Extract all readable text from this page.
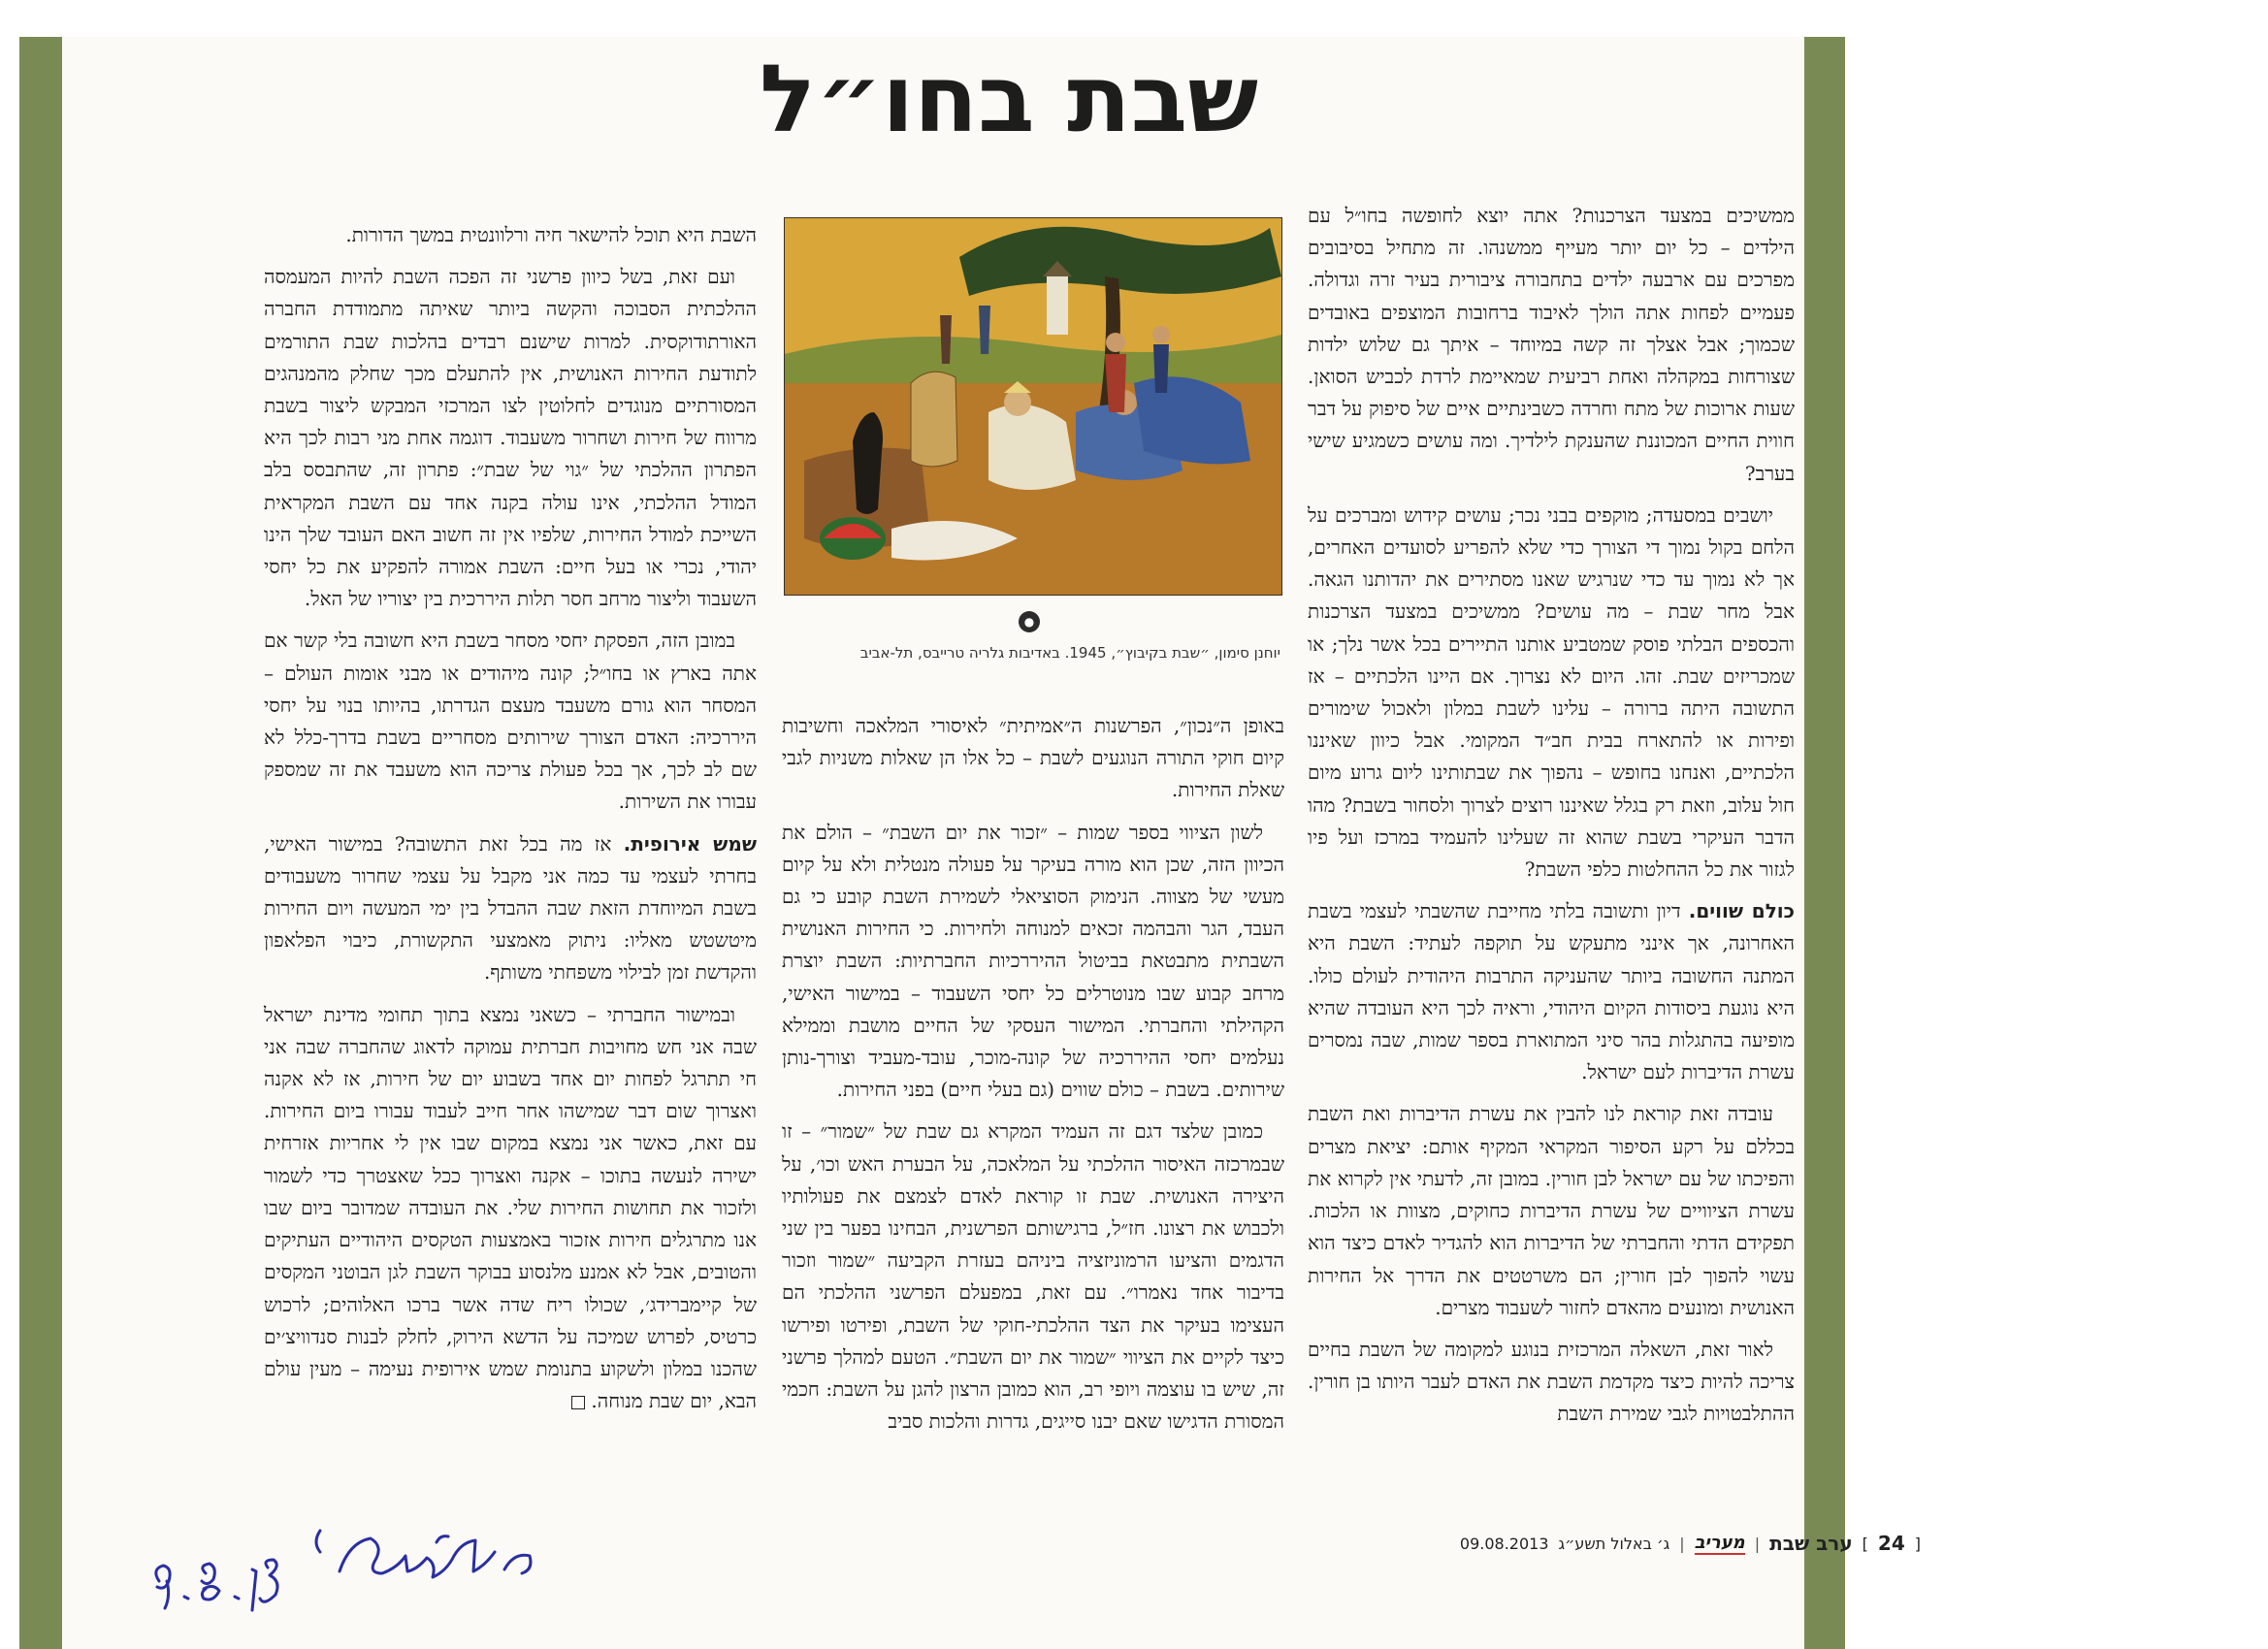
שבת בחו״ל

ממשיכים במצעד הצרכנות? אתה יוצא לחופשה בחו״ל עם הילדים – כל יום יותר מעייף ממשנהו. זה מתחיל בסיבובים מפרכים עם ארבעה ילדים בתחבורה ציבורית בעיר זרה וגדולה. פעמיים לפחות אתה הולך לאיבוד ברחובות המוצפים באובדים שכמוך; אבל אצלך זה קשה במיוחד – איתך גם שלוש ילדות שצורחות במקהלה ואחת רביעית שמאיימת לרדת לכביש הסואן. שעות ארוכות של מתח וחרדה כשבינתיים איים של סיפוק על דבר חווית החיים המכוננת שהענקת לילדיך. ומה עושים כשמגיע שישי בערב?

יושבים במסעדה; מוקפים בבני נכר; עושים קידוש ומברכים על הלחם בקול נמוך די הצורך כדי שלא להפריע לסועדים האחרים, אך לא נמוך עד כדי שנרגיש שאנו מסתירים את יהדותנו הגאה. אבל מחר שבת – מה עושים? ממשיכים במצעד הצרכנות והכספים הבלתי פוסק שמטביע אותנו התיירים בכל אשר נלך; או שמכריזים שבת. זהו. היום לא נצרוך. אם היינו הלכתיים – אז התשובה היתה ברורה – עלינו לשבת במלון ולאכול שימורים ופירות או להתארח בבית חב״ד המקומי. אבל כיוון שאיננו הלכתיים, ואנחנו בחופש – נהפוך את שבתותינו ליום גרוע מיום חול עלוב, וזאת רק בגלל שאיננו רוצים לצרוך ולסחור בשבת? מהו הדבר העיקרי בשבת שהוא זה שעלינו להעמיד במרכז ועל פיו לגזור את כל ההחלטות כלפי השבת?

כולם שווים. דיון ותשובה בלתי מחייבת שהשבתי לעצמי בשבת האחרונה, אך אינני מתעקש על תוקפה לעתיד: השבת היא המתנה החשובה ביותר שהעניקה התרבות היהודית לעולם כולו. היא נוגעת ביסודות הקיום היהודי, וראיה לכך היא העובדה שהיא מופיעה בהתגלות בהר סיני המתוארת בספר שמות, שבה נמסרים עשרת הדיברות לעם ישראל.

עובדה זאת קוראת לנו להבין את עשרת הדיברות ואת השבת בכללם על רקע הסיפור המקראי המקיף אותם: יציאת מצרים והפיכתו של עם ישראל לבן חורין. במובן זה, לדעתי אין לקרוא את עשרת הציוויים של עשרת הדיברות כחוקים, מצוות או הלכות. תפקידם הדתי והחברתי של הדיברות הוא להגדיר לאדם כיצד הוא עשוי להפוך לבן חורין; הם משרטטים את הדרך אל החירות האנושית ומונעים מהאדם לחזור לשעבוד מצרים.

לאור זאת, השאלה המרכזית בנוגע למקומה של השבת בחיים צריכה להיות כיצד מקדמת השבת את האדם לעבר היותו בן חורין. ההתלבטויות לגבי שמירת השבת

●
יוחנן סימון, ״שבת בקיבוץ״, 1945. באדיבות גלריה טרייבס, תל-אביב

באופן ה״נכון״, הפרשנות ה״אמיתית״ לאיסורי המלאכה וחשיבות קיום חוקי התורה הנוגעים לשבת – כל אלו הן שאלות משניות לגבי שאלת החירות.

לשון הציווי בספר שמות – ״זכור את יום השבת״ – הולם את הכיוון הזה, שכן הוא מורה בעיקר על פעולה מנטלית ולא על קיום מעשי של מצווה. הנימוק הסוציאלי לשמירת השבת קובע כי גם העבד, הגר והבהמה זכאים למנוחה ולחירות. כי החירות האנושית השבתית מתבטאת בביטול ההיררכיות החברתיות: השבת יוצרת מרחב קבוע שבו מנוטרלים כל יחסי השעבוד – במישור האישי, הקהילתי והחברתי. המישור העסקי של החיים מושבת וממילא נעלמים יחסי ההיררכיה של קונה-מוכר, עובד-מעביד וצורך-נותן שירותים. בשבת – כולם שווים (גם בעלי חיים) בפני החירות.

כמובן שלצד דגם זה העמיד המקרא גם שבת של ״שמור״ – זו שבמרכזה האיסור ההלכתי על המלאכה, על הבערת האש וכו׳, על היצירה האנושית. שבת זו קוראת לאדם לצמצם את פעולותיו ולכבוש את רצונו. חז״ל, ברגישותם הפרשנית, הבחינו בפער בין שני הדגמים והציעו הרמוניזציה ביניהם בעזרת הקביעה ״שמור וזכור בדיבור אחד נאמרו״. עם זאת, במפעלם הפרשני ההלכתי הם העצימו בעיקר את הצד ההלכתי-חוקי של השבת, ופירטו ופירשו כיצד לקיים את הציווי ״שמור את יום השבת״. הטעם למהלך פרשני זה, שיש בו עוצמה ויופי רב, הוא כמובן הרצון להגן על השבת: חכמי המסורת הדגישו שאם יבנו סייגים, גדרות והלכות סביב

השבת היא תוכל להישאר חיה ורלוונטית במשך הדורות.

ועם זאת, בשל כיוון פרשני זה הפכה השבת להיות המעמסה ההלכתית הסבוכה והקשה ביותר שאיתה מתמודדת החברה האורתודוקסית. למרות שישנם רבדים בהלכות שבת התורמים לתודעת החירות האנושית, אין להתעלם מכך שחלק מהמנהגים המסורתיים מנוגדים לחלוטין לצו המרכזי המבקש ליצור בשבת מרווח של חירות ושחרור משעבוד. דוגמה אחת מני רבות לכך היא הפתרון ההלכתי של ״גוי של שבת״: פתרון זה, שהתבסס בלב המודל ההלכתי, אינו עולה בקנה אחד עם השבת המקראית השייכת למודל החירות, שלפיו אין זה חשוב האם העובד שלך הינו יהודי, נכרי או בעל חיים: השבת אמורה להפקיע את כל יחסי השעבוד וליצור מרחב חסר תלות היררכית בין יצוריו של האל.

במובן הזה, הפסקת יחסי מסחר בשבת היא חשובה בלי קשר אם אתה בארץ או בחו״ל; קונה מיהודים או מבני אומות העולם – המסחר הוא גורם משעבד מעצם הגדרתו, בהיותו בנוי על יחסי היררכיה: האדם הצורך שירותים מסחריים בשבת בדרך-כלל לא שם לב לכך, אך בכל פעולת צריכה הוא משעבד את זה שמספק עבורו את השירות.

שמש אירופית. אז מה בכל זאת התשובה? במישור האישי, בחרתי לעצמי עד כמה אני מקבל על עצמי שחרור משעבודים בשבת המיוחדת הזאת שבה ההבדל בין ימי המעשה ויום החירות מיטשטש מאליו: ניתוק מאמצעי התקשורת, כיבוי הפלאפון והקדשת זמן לבילוי משפחתי משותף.

ובמישור החברתי – כשאני נמצא בתוך תחומי מדינת ישראל שבה אני חש מחויבות חברתית עמוקה לדאוג שהחברה שבה אני חי תתרגל לפחות יום אחד בשבוע יום של חירות, אז לא אקנה ואצרוך שום דבר שמישהו אחר חייב לעבוד עבורו ביום החירות. עם זאת, כאשר אני נמצא במקום שבו אין לי אחריות אזרחית ישירה לנעשה בתוכו – אקנה ואצרוך ככל שאצטרך כדי לשמור ולזכור את תחושות החירות שלי. את העובדה שמדובר ביום שבו אנו מתרגלים חירות אזכור באמצעות הטקסים היהודיים העתיקים והטובים, אבל לא אמנע מלנסוע בבוקר השבת לגן הבוטני המקסים של קיימברידג׳, שכולו ריח שדה אשר ברכו האלוהים; לרכוש כרטיס, לפרוש שמיכה על הדשא הירוק, לחלק לבנות סנדוויצ׳ים שהכנו במלון ולשקוע בתנומת שמש אירופית נעימה – מעין עולם הבא, יום שבת מנוחה.

[
24
]
ערב שבת
|
מעריב
|
ג׳ באלול תשע״ג
09.08.2013
